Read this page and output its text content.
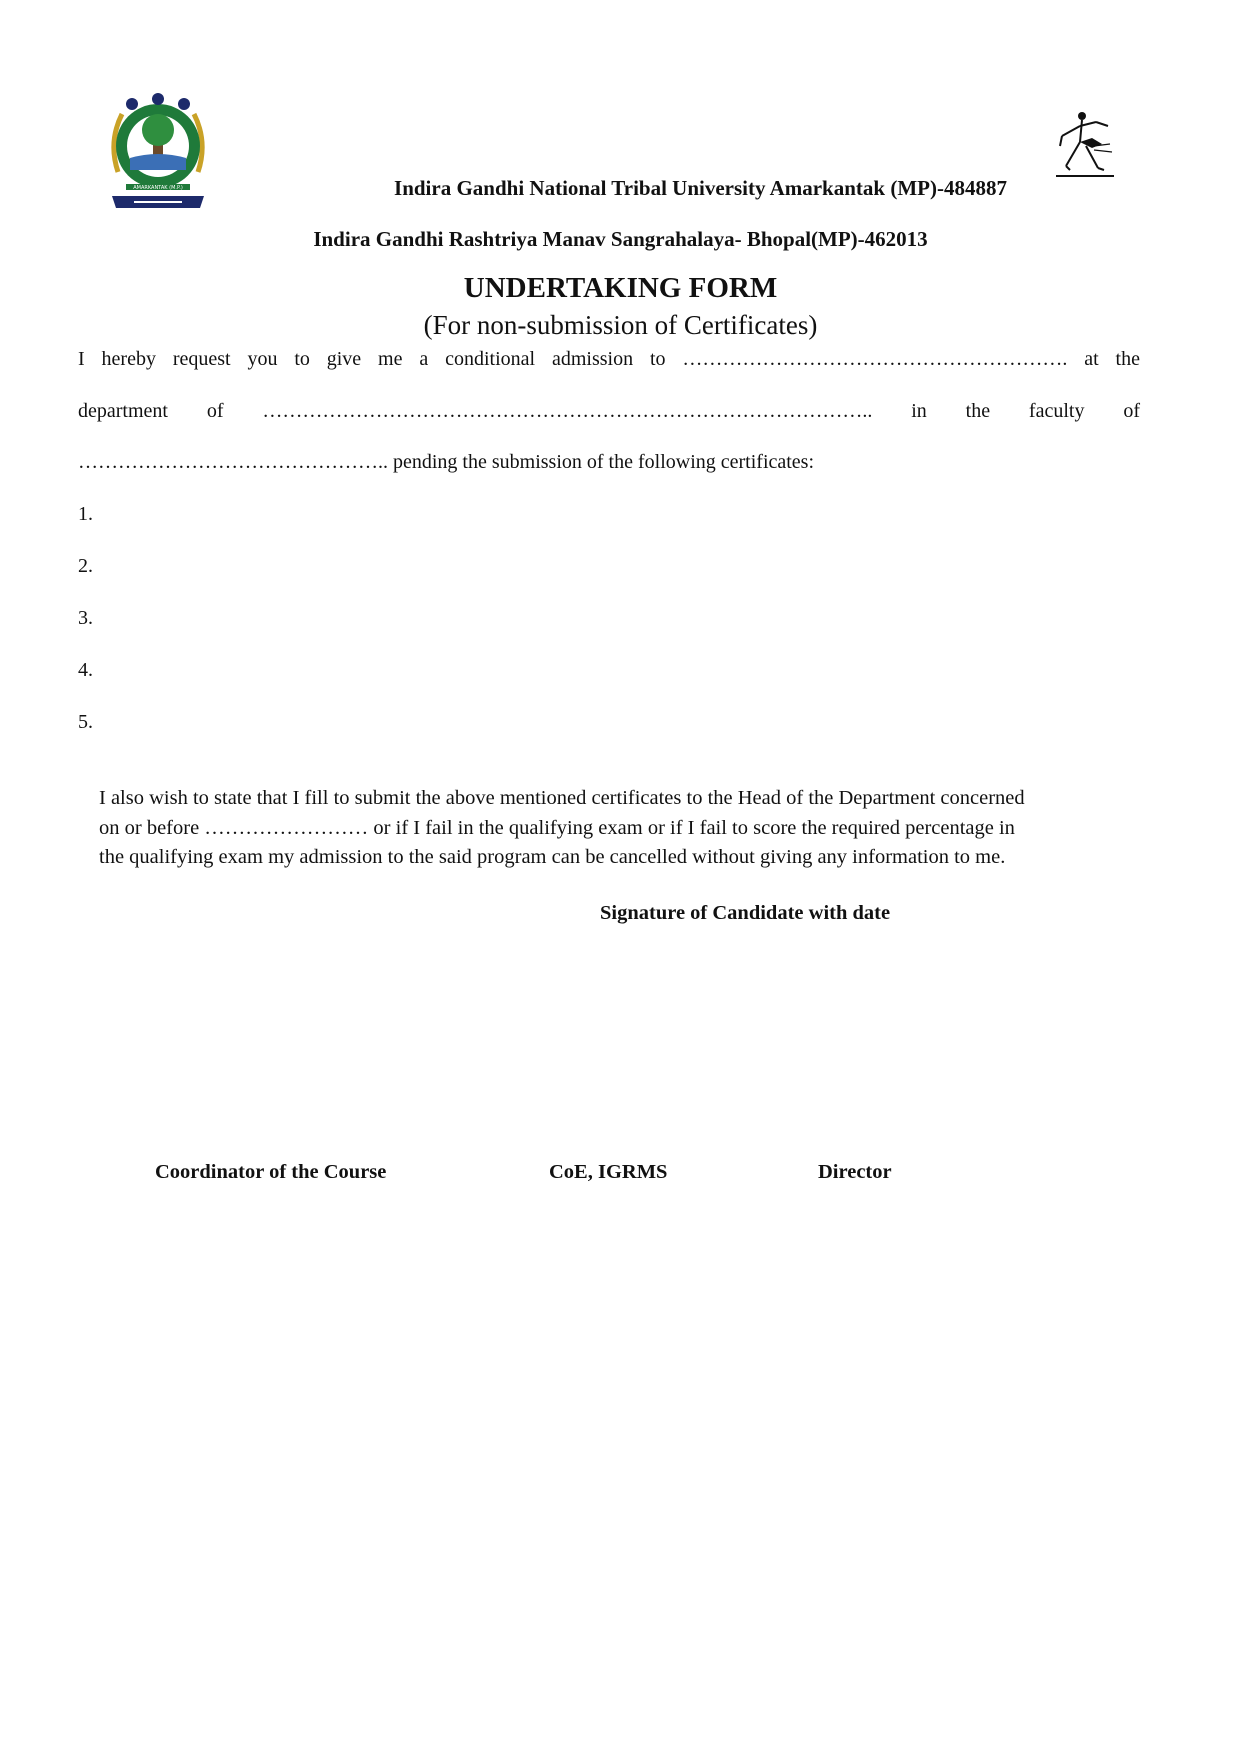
AMARKANTAK (M.P.)	Indira Gandhi National Tribal University Amarkantak (MP)-484887
Indira Gandhi Rashtriya Manav Sangrahalaya- Bhopal(MP)-462013
UNDERTAKING FORM
(For non-submission of Certificates)
I hereby request you to give me a conditional admission to …………………………………………………. at the
department of ……………………………………………………………………………….. in the faculty of
……………………………………….. pending the submission of the following certificates:
1.
2.
3.
4.
5.
I also wish to state that I fill to submit the above mentioned certificates to the Head of the Department concerned
on or before …………………… or if I fail in the qualifying exam or if I fail to score the required percentage in
the qualifying exam my admission to the said program can be cancelled without giving any information to me.
Signature of Candidate with date
Coordinator of the Course	CoE, IGRMS	Director
